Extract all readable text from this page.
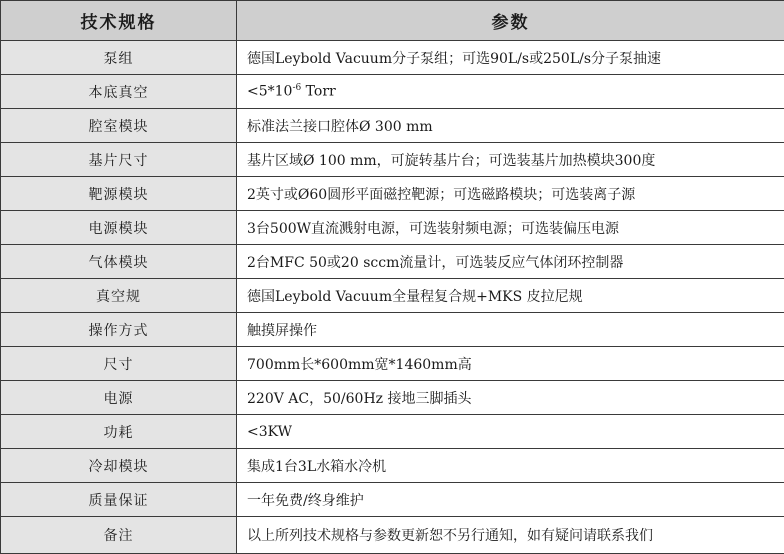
技术规格	参数
泵组	德国Leybold Vacuum分子泵组；可选90L/s或250L/s分子泵抽速
本底真空	$<5*10^{-6}$ Torr
腔室模块	标准法兰接口腔体Ø 300 mm
基片尺寸	基片区域Ø 100 mm，可旋转基片台；可选装基片加热模块300度
靶源模块	2英寸或Ø60圆形平面磁控靶源；可选磁路模块；可选装离子源
电源模块	3台500W直流溅射电源，可选装射频电源；可选装偏压电源
气体模块	2台MFC 50或20 sccm流量计，可选装反应气体闭环控制器
真空规	德国Leybold Vacuum全量程复合规+MKS 皮拉尼规
操作方式	触摸屏操作
尺寸	700mm长*600mm宽*1460mm高
电源	220V AC，50/60Hz 接地三脚插头
功耗	<3KW
冷却模块	集成1台3L水箱水冷机
质量保证	一年免费/终身维护
备注	以上所列技术规格与参数更新恕不另行通知，如有疑问请联系我们
